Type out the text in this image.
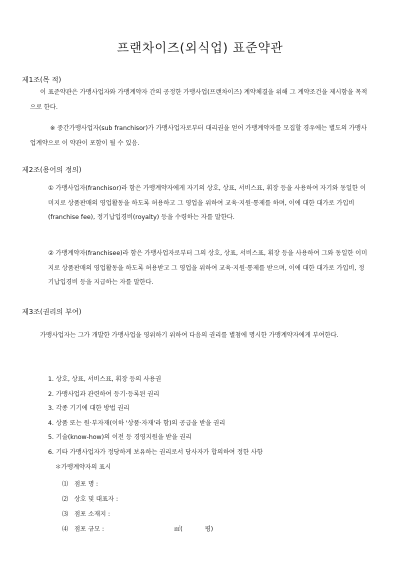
프랜차이즈(외식업) 표준약관
제1조(목 적)

이 표준약관은 가맹사업자와 가맹계약자 간의 공정한 가맹사업(프랜차이즈) 계약체결을 위해 그 계약조건을 제시함을 목적으로 한다.

※ 중간가맹사업자(sub franchisor)가 가맹사업자로부터 대리권을 얻어 가맹계약자를 모집할 경우에는 별도의 가맹사업계약으로 이 약관이 포함이 될 수 있음.

제2조(용어의 정의)
① 가맹사업자(franchisor)라 함은 가맹계약자에게 자기의 상호, 상표, 서비스표, 휘장 등을 사용하여 자기와 동일한 이미지로 상품판매의 영업활동을 하도록 허용하고 그 영업을 위하여 교육·지원·통제를 하며, 이에 대한 대가로 가입비(franchise fee), 정기납입경비(royalty) 등을 수령하는 자를 말한다.
② 가맹계약자(franchisee)라 함은 가맹사업자로부터 그의 상호, 상표, 서비스표, 휘장 등을 사용하여 그와 동일한 이미지로 상품판매의 영업활동을 하도록 허용받고 그 영업을 위하여 교육·지원·통제를 받으며, 이에 대한 대가로 가입비, 정기납입경비 등을 지급하는 자를 말한다.
제3조(권리의 부여)

가맹사업자는 그가 개발한 가맹사업을 영위하기 위하여 다음의 권리를 별첨에 명시한 가맹계약자에게 부여한다.

1. 상호, 상표, 서비스표, 휘장 등의 사용권
2. 가맹사업과 관련하여 등기·등록된 권리
3. 각종 기기에 대한 방법 권리
4. 상품 또는 원·부자재(이하 '상품·자재'라 함)의 공급을 받을 권리
5. 기술(know-how)의 이전 등 경영지원을 받을 권리
6. 기타 가맹사업자가 정당하게 보유하는 권리로서 당사자가 합의하여 정한 사항
＊가맹계약자의 표시
⑴ 점포 명 :
⑵ 상호 및 대표자 :
⑶ 점포 소재지 :
⑷ 점포 규모 :	㎡(	평)
